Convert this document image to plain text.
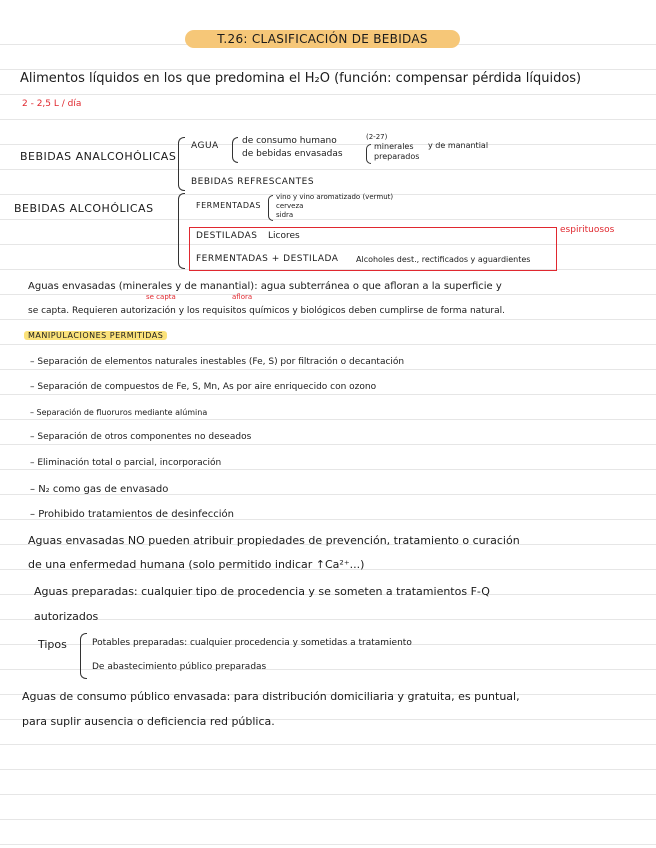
T.26: CLASIFICACIÓN DE BEBIDAS
Alimentos líquidos en los que predomina el H₂O (función: compensar pérdida líquidos)
2 - 2,5 L / día
BEBIDAS ANALCOHÓLICAS
AGUA	de consumo humano	(2-27)
de bebidas envasadas
minerales
preparados
y de manantial
BEBIDAS REFRESCANTES
BEBIDAS ALCOHÓLICAS	FERMENTADAS
vino y vino aromatizado (vermut)
cerveza
sidra
DESTILADAS Licores
FERMENTADAS + DESTILADA Alcoholes dest., rectificados y aguardientes
espirituosos
Aguas envasadas (minerales y de manantial): agua subterránea o que afloran a la superficie y
se capta	aflora
se capta. Requieren autorización y los requisitos químicos y biológicos deben cumplirse de forma natural.
MANIPULACIONES PERMITIDAS
– Separación de elementos naturales inestables (Fe, S) por filtración o decantación
– Separación de compuestos de Fe, S, Mn, As por aire enriquecido con ozono
– Separación de fluoruros mediante alúmina
– Separación de otros componentes no deseados
– Eliminación total o parcial, incorporación
– N₂ como gas de envasado
– Prohibido tratamientos de desinfección
Aguas envasadas NO pueden atribuir propiedades de prevención, tratamiento o curación
de una enfermedad humana (solo permitido indicar ↑Ca²⁺...)
Aguas preparadas: cualquier tipo de procedencia y se someten a tratamientos F-Q
autorizados
Tipos	Potables preparadas: cualquier procedencia y sometidas a tratamiento
De abastecimiento público preparadas
Aguas de consumo público envasada: para distribución domiciliaria y gratuita, es puntual,
para suplir ausencia o deficiencia red pública.
